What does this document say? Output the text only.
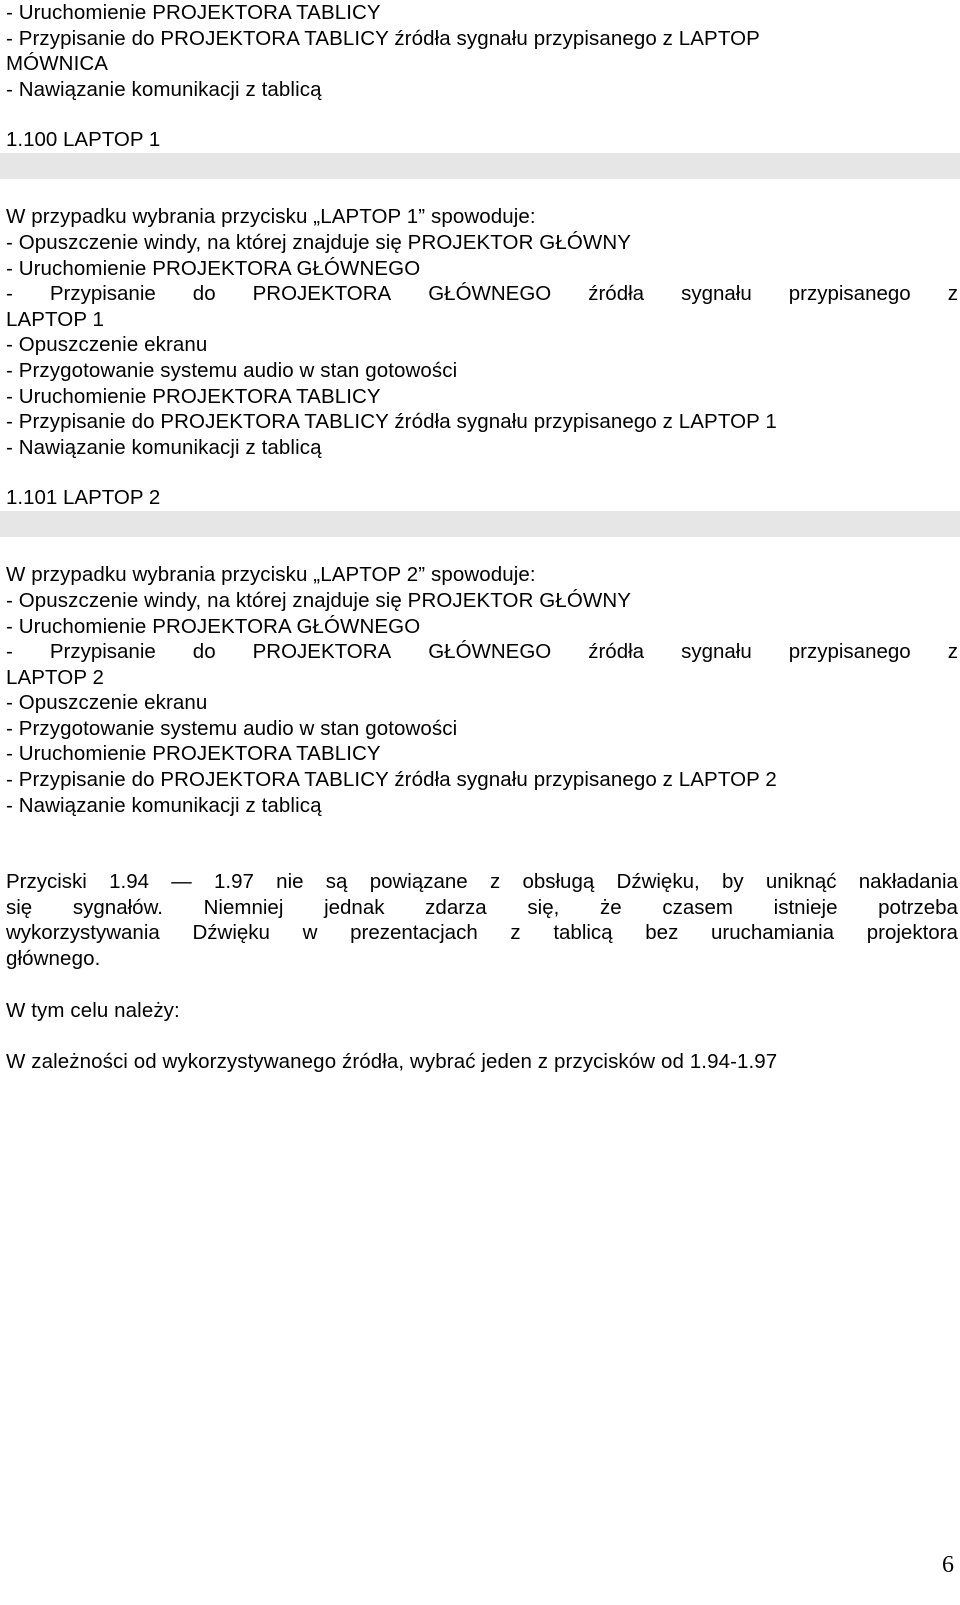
- Uruchomienie PROJEKTORA TABLICY
- Przypisanie do PROJEKTORA TABLICY źródła sygnału przypisanego z LAPTOP
MÓWNICA
- Nawiązanie komunikacji z tablicą
1.100 LAPTOP 1
W przypadku wybrania przycisku „LAPTOP 1” spowoduje:
- Opuszczenie windy, na której znajduje się PROJEKTOR GŁÓWNY
- Uruchomienie PROJEKTORA GŁÓWNEGO
- Przypisanie do PROJEKTORA GŁÓWNEGO źródła sygnału przypisanego z
LAPTOP 1
- Opuszczenie ekranu
- Przygotowanie systemu audio w stan gotowości
- Uruchomienie PROJEKTORA TABLICY
- Przypisanie do PROJEKTORA TABLICY źródła sygnału przypisanego z LAPTOP 1
- Nawiązanie komunikacji z tablicą
1.101 LAPTOP 2
W przypadku wybrania przycisku „LAPTOP 2” spowoduje:
- Opuszczenie windy, na której znajduje się PROJEKTOR GŁÓWNY
- Uruchomienie PROJEKTORA GŁÓWNEGO
- Przypisanie do PROJEKTORA GŁÓWNEGO źródła sygnału przypisanego z
LAPTOP 2
- Opuszczenie ekranu
- Przygotowanie systemu audio w stan gotowości
- Uruchomienie PROJEKTORA TABLICY
- Przypisanie do PROJEKTORA TABLICY źródła sygnału przypisanego z LAPTOP 2
- Nawiązanie komunikacji z tablicą
Przyciski 1.94 — 1.97 nie są powiązane z obsługą Dźwięku, by uniknąć nakładania
się sygnałów. Niemniej jednak zdarza się, że czasem istnieje potrzeba
wykorzystywania Dźwięku w prezentacjach z tablicą bez uruchamiania projektora
głównego.
W tym celu należy:
W zależności od wykorzystywanego źródła, wybrać jeden z przycisków od 1.94-1.97
6
